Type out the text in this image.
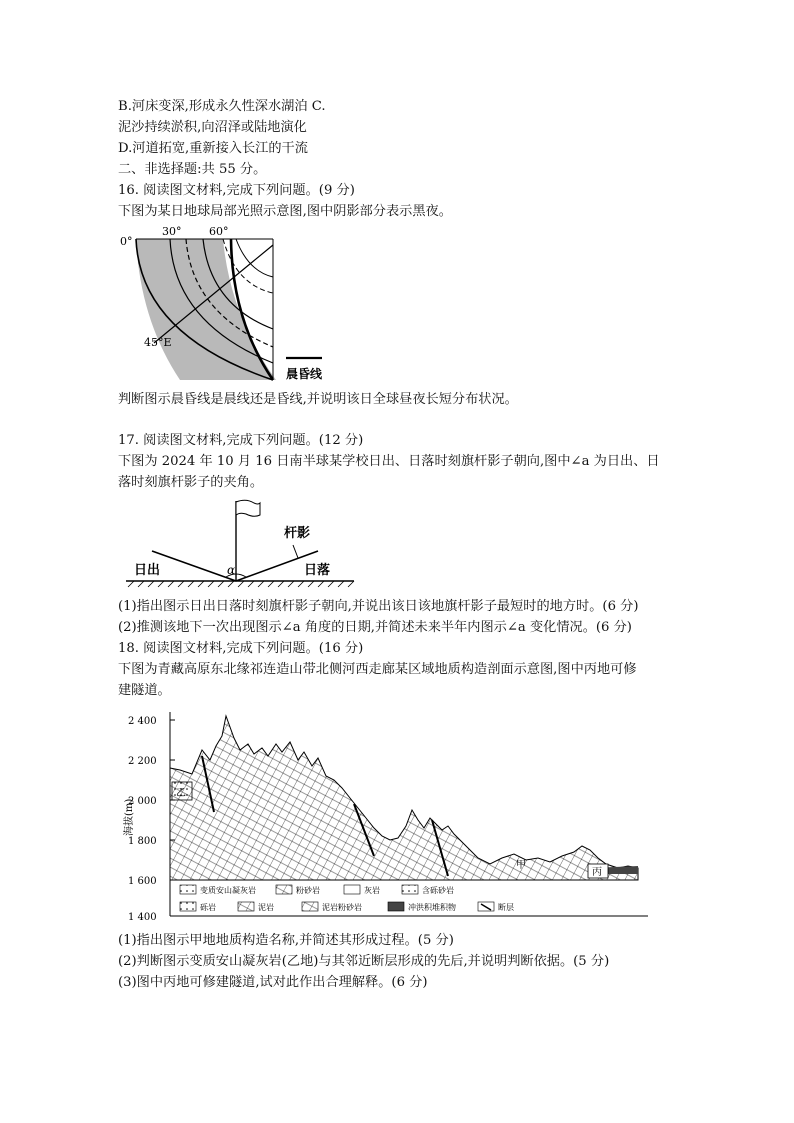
B.河床变深,形成永久性深水湖泊 C.
泥沙持续淤积,向沼泽或陆地演化
D.河道拓宽,重新接入长江的干流
二、非选择题:共 55 分。
16. 阅读图文材料,完成下列问题。(9 分)
下图为某日地球局部光照示意图,图中阴影部分表示黑夜。
0°
30°	60°
45°E
晨昏线
判断图示晨昏线是晨线还是昏线,并说明该日全球昼夜长短分布状况。
17. 阅读图文材料,完成下列问题。(12 分)
下图为 2024 年 10 月 16 日南半球某学校日出、日落时刻旗杆影子朝向,图中∠a 为日出、日
落时刻旗杆影子的夹角。
α
杆影
日出	日落
(1)指出图示日出日落时刻旗杆影子朝向,并说出该日该地旗杆影子最短时的地方时。(6 分)
(2)推测该地下一次出现图示∠a 角度的日期,并简述未来半年内图示∠a 变化情况。(6 分)
18. 阅读图文材料,完成下列问题。(16 分)
下图为青藏高原东北缘祁连造山带北侧河西走廊某区域地质构造剖面示意图,图中丙地可修
建隧道。
2 400
2 200
2 000
1 800
1 600
1 400
海拔(m)
乙
甲
丙
变质安山凝灰岩	粉砂岩	灰岩	含砾砂岩
砾岩	泥岩	泥岩粉砂岩	冲洪积堆积物	断层
(1)指出图示甲地地质构造名称,并简述其形成过程。(5 分)
(2)判断图示变质安山凝灰岩(乙地)与其邻近断层形成的先后,并说明判断依据。(5 分)
(3)图中丙地可修建隧道,试对此作出合理解释。(6 分)
